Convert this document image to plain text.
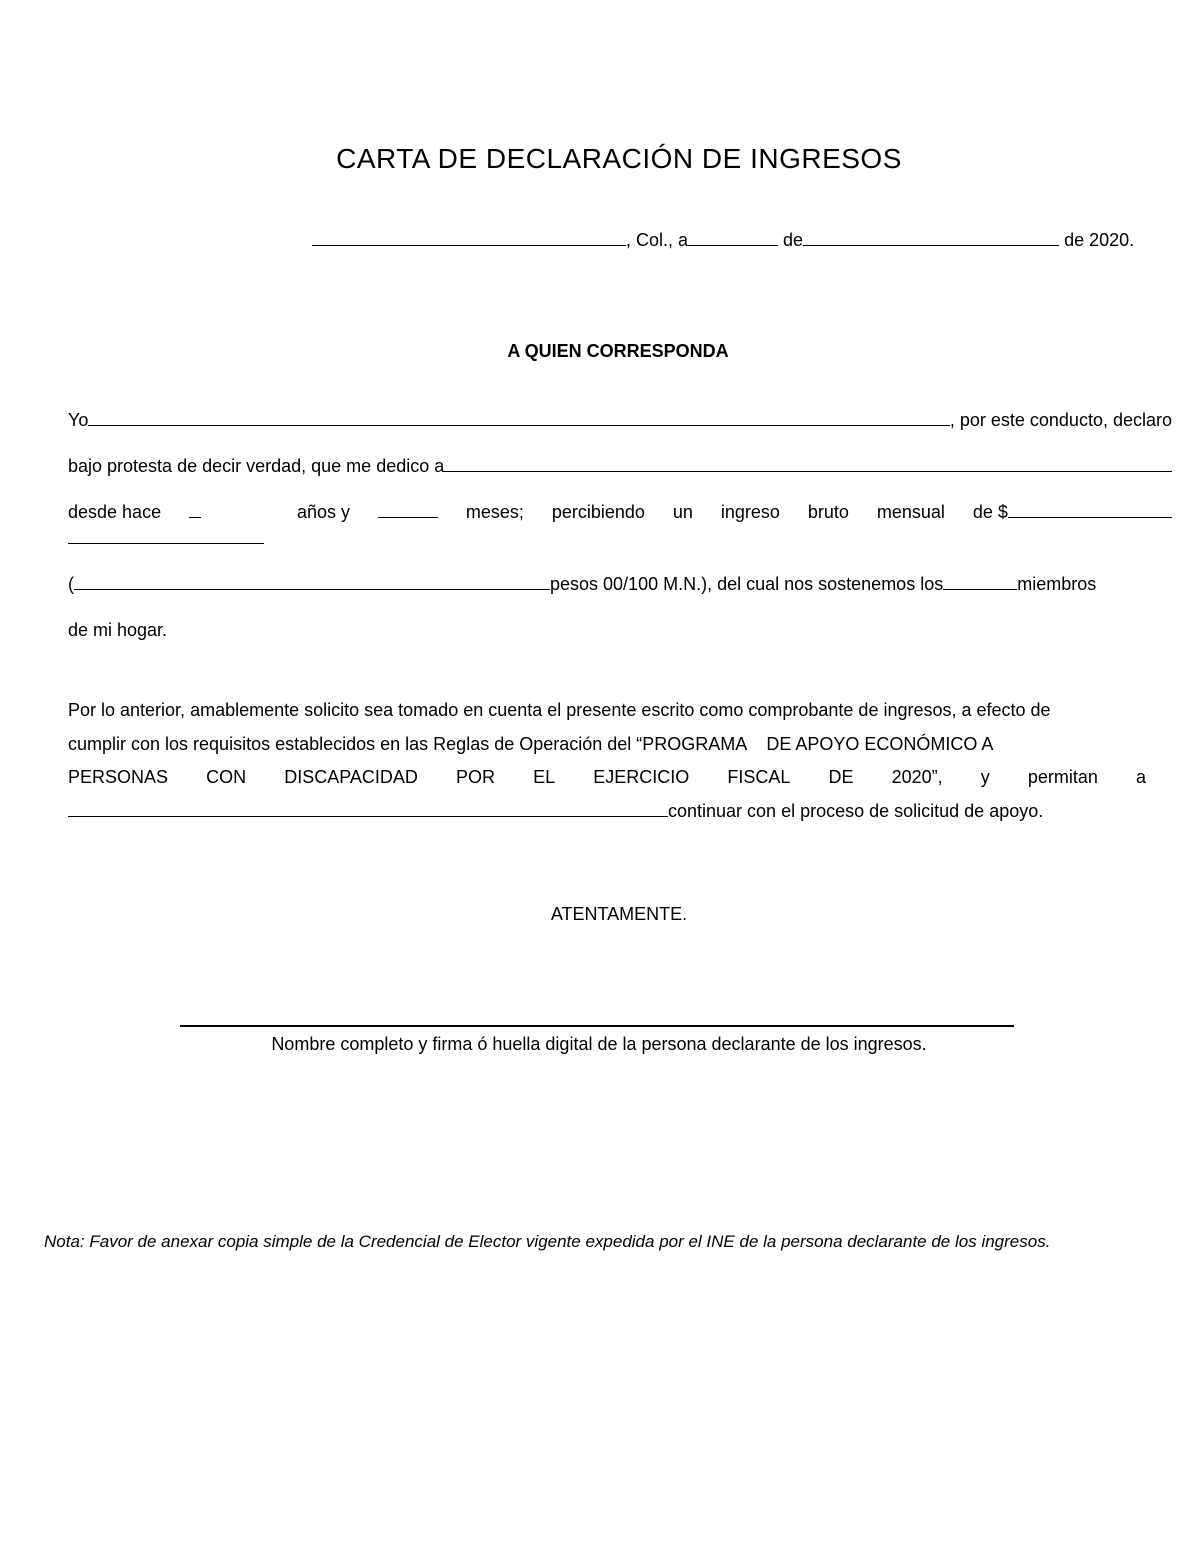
CARTA DE DECLARACIÓN DE INGRESOS
, Col., a	de	de 2020.
A QUIEN CORRESPONDA
Yo	, por este conducto, declaro
bajo protesta de decir verdad, que me dedico a
desde hace	años y	meses; percibiendo un ingreso bruto mensual de $
(	pesos 00/100 M.N.), del cual nos sostenemos los	miembros
de mi hogar.
Por lo anterior, amablemente solicito sea tomado en cuenta el presente escrito como comprobante de ingresos, a efecto de
cumplir con los requisitos establecidos en las Reglas de Operación del “PROGRAMA    DE APOYO ECONÓMICO A
PERSONAS CON DISCAPACIDAD POR EL EJERCICIO FISCAL DE 2020”, y permitan a
continuar con el proceso de solicitud de apoyo.
ATENTAMENTE.
Nombre completo y firma ó huella digital de la persona declarante de los ingresos.
Nota: Favor de anexar copia simple de la Credencial de Elector vigente expedida por el INE de la persona declarante de los ingresos.
